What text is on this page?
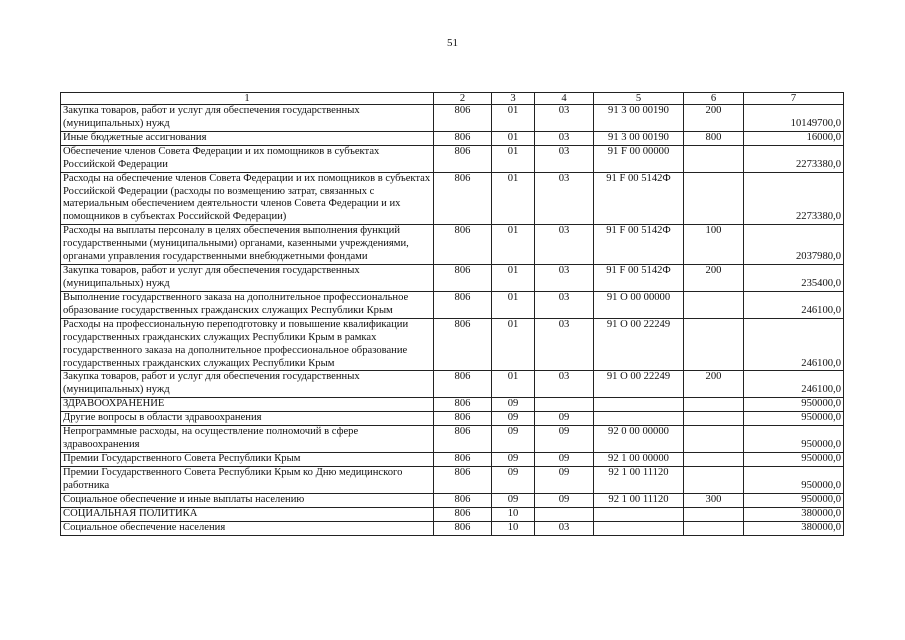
51
1	2	3	4	5	6	7
Закупка товаров, работ и услуг для обеспечения государственных (муниципальных) нужд	806	01	03	91 3 00 00190	200	10149700,0
Иные бюджетные ассигнования	806	01	03	91 3 00 00190	800	16000,0
Обеспечение членов Совета Федерации и их помощников в субъектах Российской Федерации	806	01	03	91 F 00 00000		2273380,0
Расходы на обеспечение членов Совета Федерации и их помощников в субъектах Российской Федерации (расходы по возмещению затрат, связанных с материальным обеспечением деятельности членов Совета Федерации и их помощников в субъектах Российской Федерации)	806	01	03	91 F 00 5142Ф		2273380,0
Расходы на выплаты персоналу в целях обеспечения выполнения функций государственными (муниципальными) органами, казенными учреждениями, органами управления государственными внебюджетными фондами	806	01	03	91 F 00 5142Ф	100	2037980,0
Закупка товаров, работ и услуг для обеспечения государственных (муниципальных) нужд	806	01	03	91 F 00 5142Ф	200	235400,0
Выполнение государственного заказа на дополнительное профессиональное образование государственных гражданских служащих Республики Крым	806	01	03	91 О 00 00000		246100,0
Расходы на профессиональную переподготовку и повышение квалификации государственных гражданских служащих Республики Крым в рамках государственного заказа на дополнительное профессиональное образование государственных гражданских служащих Республики Крым	806	01	03	91 О 00 22249		246100,0
Закупка товаров, работ и услуг для обеспечения государственных (муниципальных) нужд	806	01	03	91 О 00 22249	200	246100,0
ЗДРАВООХРАНЕНИЕ	806	09				950000,0
Другие вопросы в области здравоохранения	806	09	09			950000,0
Непрограммные расходы, на осуществление полномочий в сфере здравоохранения	806	09	09	92 0 00 00000		950000,0
Премии Государственного Совета Республики Крым	806	09	09	92 1 00 00000		950000,0
Премии Государственного Совета Республики Крым ко Дню медицинского работника	806	09	09	92 1 00 11120		950000,0
Социальное обеспечение и иные выплаты населению	806	09	09	92 1 00 11120	300	950000,0
СОЦИАЛЬНАЯ ПОЛИТИКА	806	10				380000,0
Социальное обеспечение населения	806	10	03			380000,0
